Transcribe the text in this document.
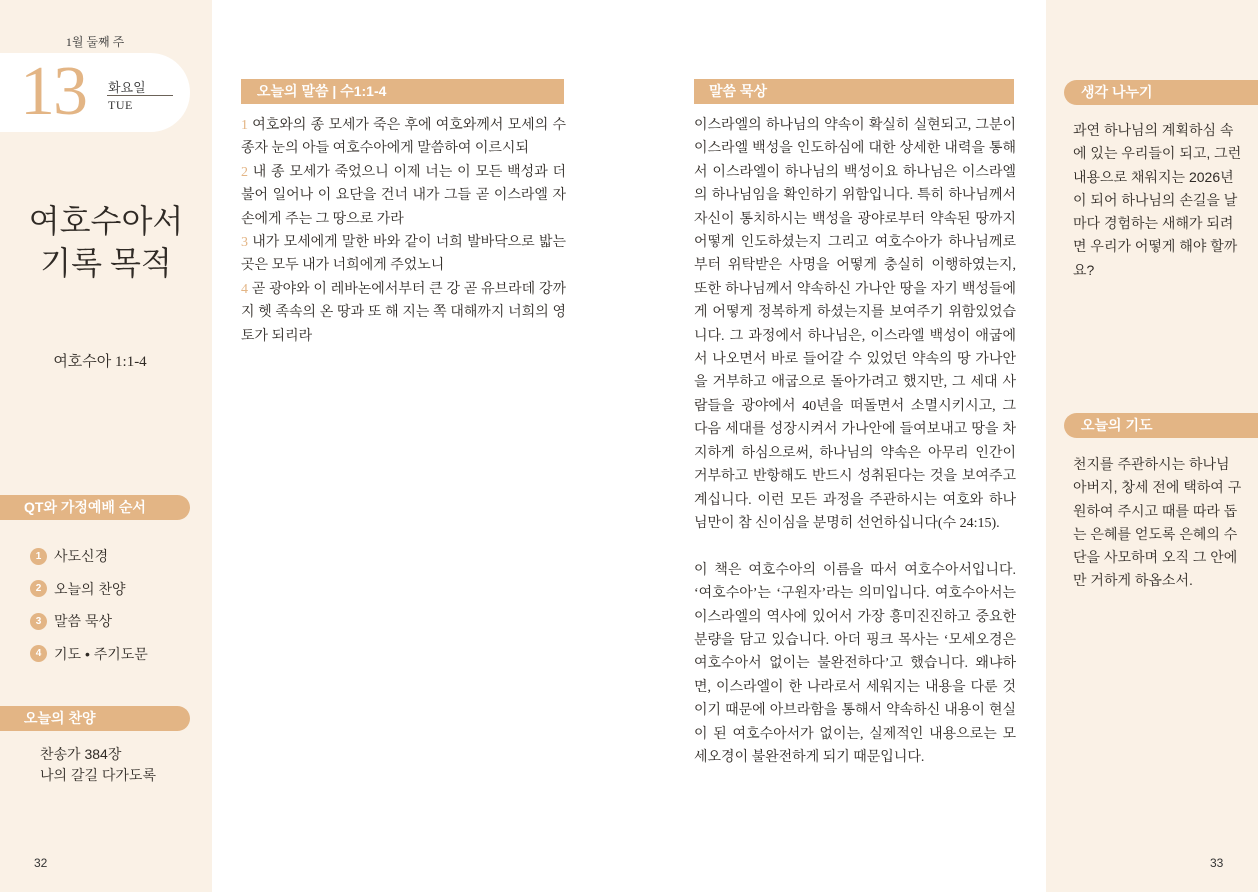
1월 둘째 주
13 화요일
TUE
여호수아서
기록 목적
여호수아 1:1-4
QT와 가정예배 순서
1 사도신경
2 오늘의 찬양
3 말씀 묵상
4 기도 • 주기도문
오늘의 찬양
찬송가 384장
나의 갈길 다가도록
32
오늘의 말씀 | 수1:1-4
1 여호와의 종 모세가 죽은 후에 여호와께서 모세의 수종자 눈의 아들 여호수아에게 말씀하여 이르시되
2 내 종 모세가 죽었으니 이제 너는 이 모든 백성과 더불어 일어나 이 요단을 건너 내가 그들 곧 이스라엘 자손에게 주는 그 땅으로 가라
3 내가 모세에게 말한 바와 같이 너희 발바닥으로 밟는 곳은 모두 내가 너희에게 주었노니
4 곧 광야와 이 레바논에서부터 큰 강 곧 유브라데 강까지 헷 족속의 온 땅과 또 해 지는 쪽 대해까지 너희의 영토가 되리라
말씀 묵상

이스라엘의 하나님의 약속이 확실히 실현되고, 그분이 이스라엘 백성을 인도하심에 대한 상세한 내력을 통해서 이스라엘이 하나님의 백성이요 하나님은 이스라엘의 하나님임을 확인하기 위함입니다. 특히 하나님께서 자신이 통치하시는 백성을 광야로부터 약속된 땅까지 어떻게 인도하셨는지 그리고 여호수아가 하나님께로부터 위탁받은 사명을 어떻게 충실히 이행하였는지, 또한 하나님께서 약속하신 가나안 땅을 자기 백성들에게 어떻게 정복하게 하셨는지를 보여주기 위함있었습니다. 그 과정에서 하나님은, 이스라엘 백성이 애굽에서 나오면서 바로 들어갈 수 있었던 약속의 땅 가나안을 거부하고 애굽으로 돌아가려고 했지만, 그 세대 사람들을 광야에서 40년을 떠돌면서 소멸시키시고, 그 다음 세대를 성장시켜서 가나안에 들여보내고 땅을 차지하게 하심으로써, 하나님의 약속은 아무리 인간이 거부하고 반항해도 반드시 성취된다는 것을 보여주고 계십니다. 이런 모든 과정을 주관하시는 여호와 하나님만이 참 신이심을 분명히 선언하십니다(수 24:15).

이 책은 여호수아의 이름을 따서 여호수아서입니다. ‘여호수아’는 ‘구원자’라는 의미입니다. 여호수아서는 이스라엘의 역사에 있어서 가장 흥미진진하고 중요한 분량을 담고 있습니다. 아더 핑크 목사는 ‘모세오경은 여호수아서 없이는 불완전하다’고 했습니다. 왜냐하면, 이스라엘이 한 나라로서 세워지는 내용을 다룬 것이기 때문에 아브라함을 통해서 약속하신 내용이 현실이 된 여호수아서가 없이는, 실제적인 내용으로는 모세오경이 불완전하게 되기 때문입니다.

33
생각 나누기
과연 하나님의 계획하심 속에 있는 우리들이 되고, 그런 내용으로 채워지는 2026년이 되어 하나님의 손길을 날마다 경험하는 새해가 되려면 우리가 어떻게 해야 할까요?
오늘의 기도
천지를 주관하시는 하나님 아버지, 창세 전에 택하여 구원하여 주시고 때를 따라 돕는 은혜를 얻도록 은혜의 수단을 사모하며 오직 그 안에만 거하게 하옵소서.
